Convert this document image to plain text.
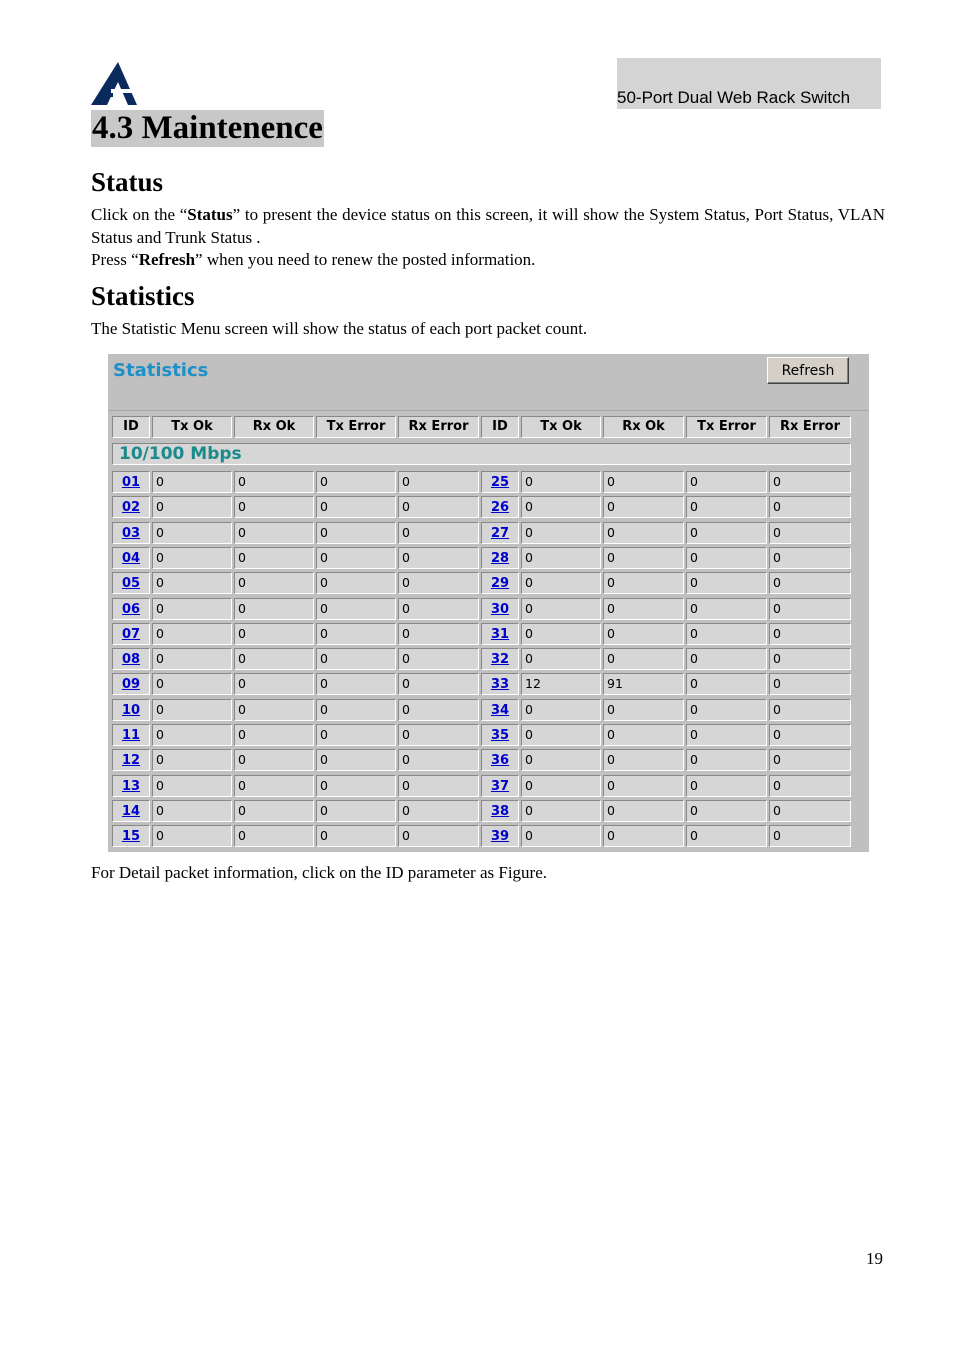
50-Port Dual Web Rack Switch
4.3 Maintenence
Status
Click on the “Status” to present the device status on this screen, it will show the System Status, Port Status, VLAN Status and Trunk Status .
Press “Refresh” when you need to renew the posted information.
Statistics
The Statistic Menu screen will show the status of each port packet count.
Statistics	Refresh
ID	Tx Ok	Rx Ok	Tx Error	Rx Error	ID	Tx Ok	Rx Ok	Tx Error	Rx Error
10/100 Mbps
01	0	0	0	0	25	0	0	0	0
02	0	0	0	0	26	0	0	0	0
03	0	0	0	0	27	0	0	0	0
04	0	0	0	0	28	0	0	0	0
05	0	0	0	0	29	0	0	0	0
06	0	0	0	0	30	0	0	0	0
07	0	0	0	0	31	0	0	0	0
08	0	0	0	0	32	0	0	0	0
09	0	0	0	0	33	12	91	0	0
10	0	0	0	0	34	0	0	0	0
11	0	0	0	0	35	0	0	0	0
12	0	0	0	0	36	0	0	0	0
13	0	0	0	0	37	0	0	0	0
14	0	0	0	0	38	0	0	0	0
15	0	0	0	0	39	0	0	0	0
For Detail packet information, click on the ID parameter as Figure.
19
